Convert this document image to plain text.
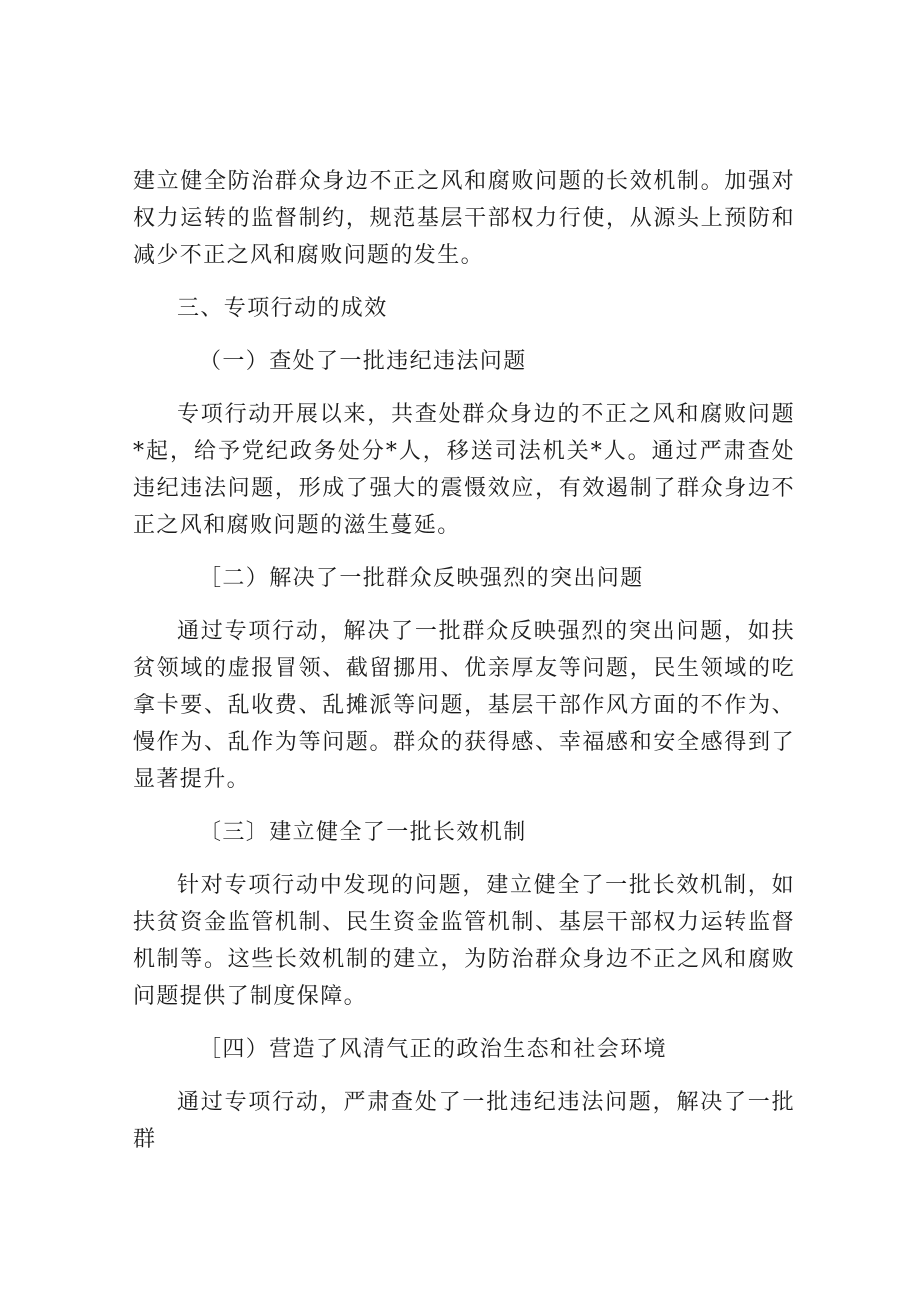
建立健全防治群众身边不正之风和腐败问题的长效机制。加强对权力运转的监督制约，规范基层干部权力行使，从源头上预防和减少不正之风和腐败问题的发生。

三、专项行动的成效

（一）查处了一批违纪违法问题

专项行动开展以来，共查处群众身边的不正之风和腐败问题*起，给予党纪政务处分*人，移送司法机关*人。通过严肃查处违纪违法问题，形成了强大的震慑效应，有效遏制了群众身边不正之风和腐败问题的滋生蔓延。

［二）解决了一批群众反映强烈的突出问题

通过专项行动，解决了一批群众反映强烈的突出问题，如扶贫领域的虚报冒领、截留挪用、优亲厚友等问题，民生领域的吃拿卡要、乱收费、乱摊派等问题，基层干部作风方面的不作为、慢作为、乱作为等问题。群众的获得感、幸福感和安全感得到了显著提升。

〔三〕建立健全了一批长效机制

针对专项行动中发现的问题，建立健全了一批长效机制，如扶贫资金监管机制、民生资金监管机制、基层干部权力运转监督机制等。这些长效机制的建立，为防治群众身边不正之风和腐败问题提供了制度保障。

［四）营造了风清气正的政治生态和社会环境

通过专项行动，严肃查处了一批违纪违法问题，解决了一批群
